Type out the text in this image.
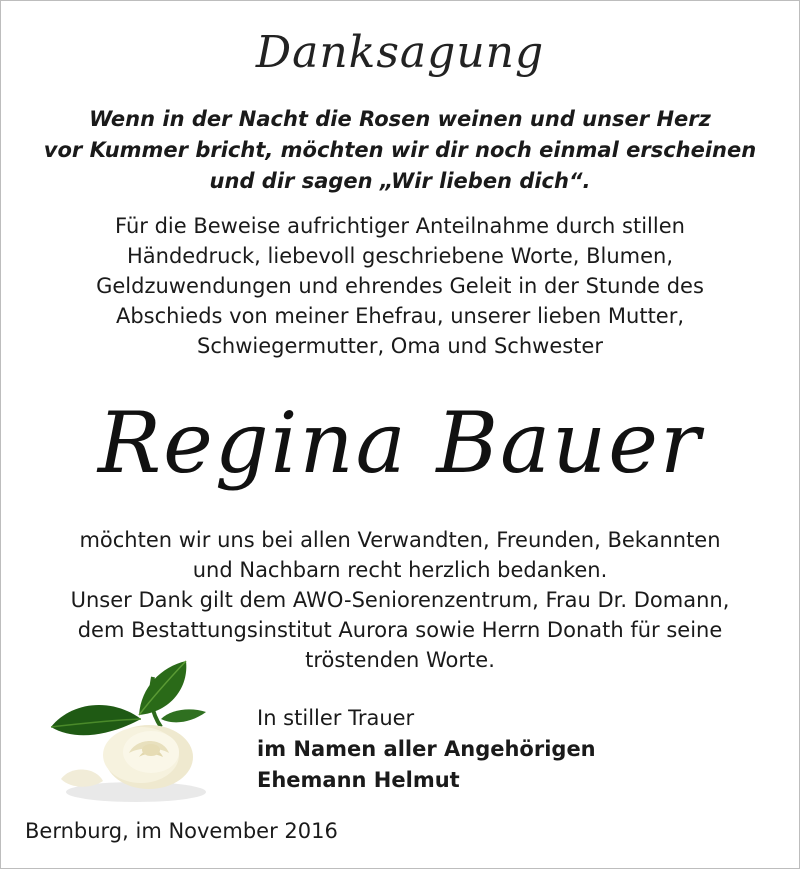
Danksagung
Wenn in der Nacht die Rosen weinen und unser Herz
vor Kummer bricht, möchten wir dir noch einmal erscheinen
und dir sagen „Wir lieben dich“.
Für die Beweise aufrichtiger Anteilnahme durch stillen
Händedruck, liebevoll geschriebene Worte, Blumen,
Geldzuwendungen und ehrendes Geleit in der Stunde des
Abschieds von meiner Ehefrau, unserer lieben Mutter,
Schwiegermutter, Oma und Schwester
Regina Bauer
möchten wir uns bei allen Verwandten, Freunden, Bekannten
und Nachbarn recht herzlich bedanken.
Unser Dank gilt dem AWO-Seniorenzentrum, Frau Dr. Domann,
dem Bestattungsinstitut Aurora sowie Herrn Donath für seine
tröstenden Worte.
In stiller Trauer
im Namen aller Angehörigen
Ehemann Helmut
Bernburg, im November 2016
